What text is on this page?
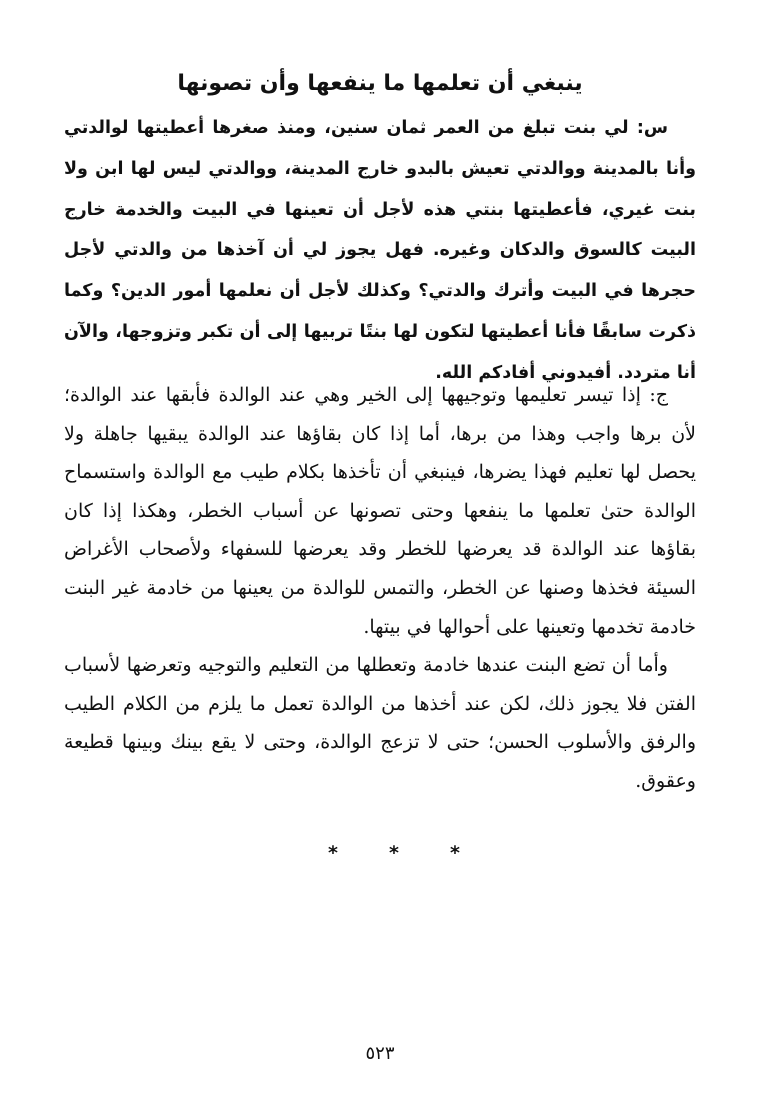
ينبغي أن تعلمها ما ينفعها وأن تصونها
س: لي بنت تبلغ من العمر ثمان سنين، ومنذ صغرها أعطيتها لوالدتي وأنا بالمدينة ووالدتي تعيش بالبدو خارج المدينة، ووالدتي ليس لها ابن ولا بنت غيري، فأعطيتها بنتي هذه لأجل أن تعينها في البيت والخدمة خارج البيت كالسوق والدكان وغيره. فهل يجوز لي أن آخذها من والدتي لأجل حجرها في البيت وأترك والدتي؟ وكذلك لأجل أن نعلمها أمور الدين؟ وكما ذكرت سابقًا فأنا أعطيتها لتكون لها بنتًا تربيها إلى أن تكبر وتزوجها، والآن أنا متردد. أفيدوني أفادكم الله.

ج: إذا تيسر تعليمها وتوجيهها إلى الخير وهي عند الوالدة فأبقها عند الوالدة؛ لأن برها واجب وهذا من برها، أما إذا كان بقاؤها عند الوالدة يبقيها جاهلة ولا يحصل لها تعليم فهذا يضرها، فينبغي أن تأخذها بكلام طيب مع الوالدة واستسماح الوالدة حتىٰ تعلمها ما ينفعها وحتى تصونها عن أسباب الخطر، وهكذا إذا كان بقاؤها عند الوالدة قد يعرضها للخطر وقد يعرضها للسفهاء ولأصحاب الأغراض السيئة فخذها وصنها عن الخطر، والتمس للوالدة من يعينها من خادمة غير البنت خادمة تخدمها وتعينها على أحوالها في بيتها.

وأما أن تضع البنت عندها خادمة وتعطلها من التعليم والتوجيه وتعرضها لأسباب الفتن فلا يجوز ذلك، لكن عند أخذها من الوالدة تعمل ما يلزم من الكلام الطيب والرفق والأسلوب الحسن؛ حتى لا تزعج الوالدة، وحتى لا يقع بينك وبينها قطيعة وعقوق.

*
*
*
٥٢٣
